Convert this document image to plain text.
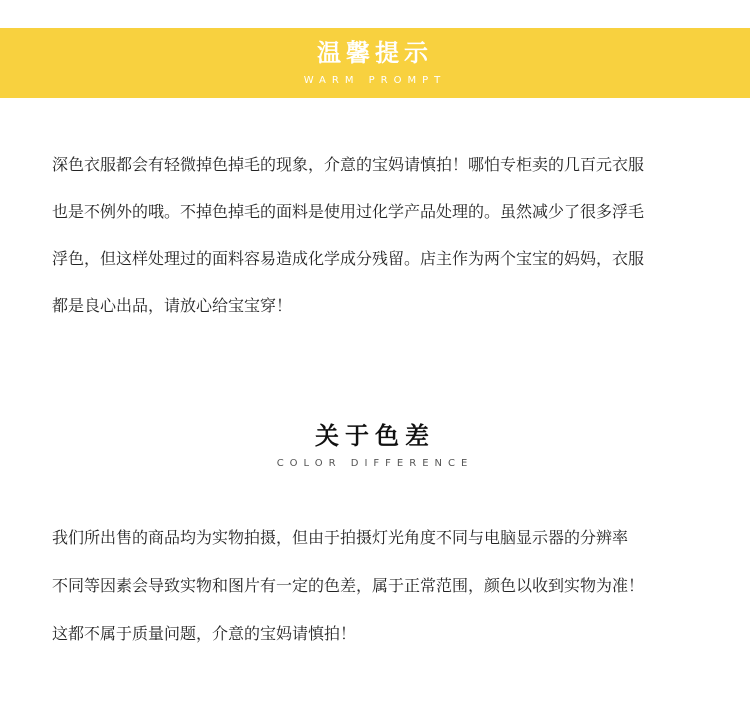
温馨提示
WARM PROMPT
深色衣服都会有轻微掉色掉毛的现象，介意的宝妈请慎拍！哪怕专柜卖的几百元衣服
也是不例外的哦。不掉色掉毛的面料是使用过化学产品处理的。虽然减少了很多浮毛
浮色，但这样处理过的面料容易造成化学成分残留。店主作为两个宝宝的妈妈，衣服
都是良心出品，请放心给宝宝穿！
关于色差
COLOR DIFFERENCE
我们所出售的商品均为实物拍摄，但由于拍摄灯光角度不同与电脑显示器的分辨率
不同等因素会导致实物和图片有一定的色差，属于正常范围，颜色以收到实物为准！
这都不属于质量问题，介意的宝妈请慎拍！
